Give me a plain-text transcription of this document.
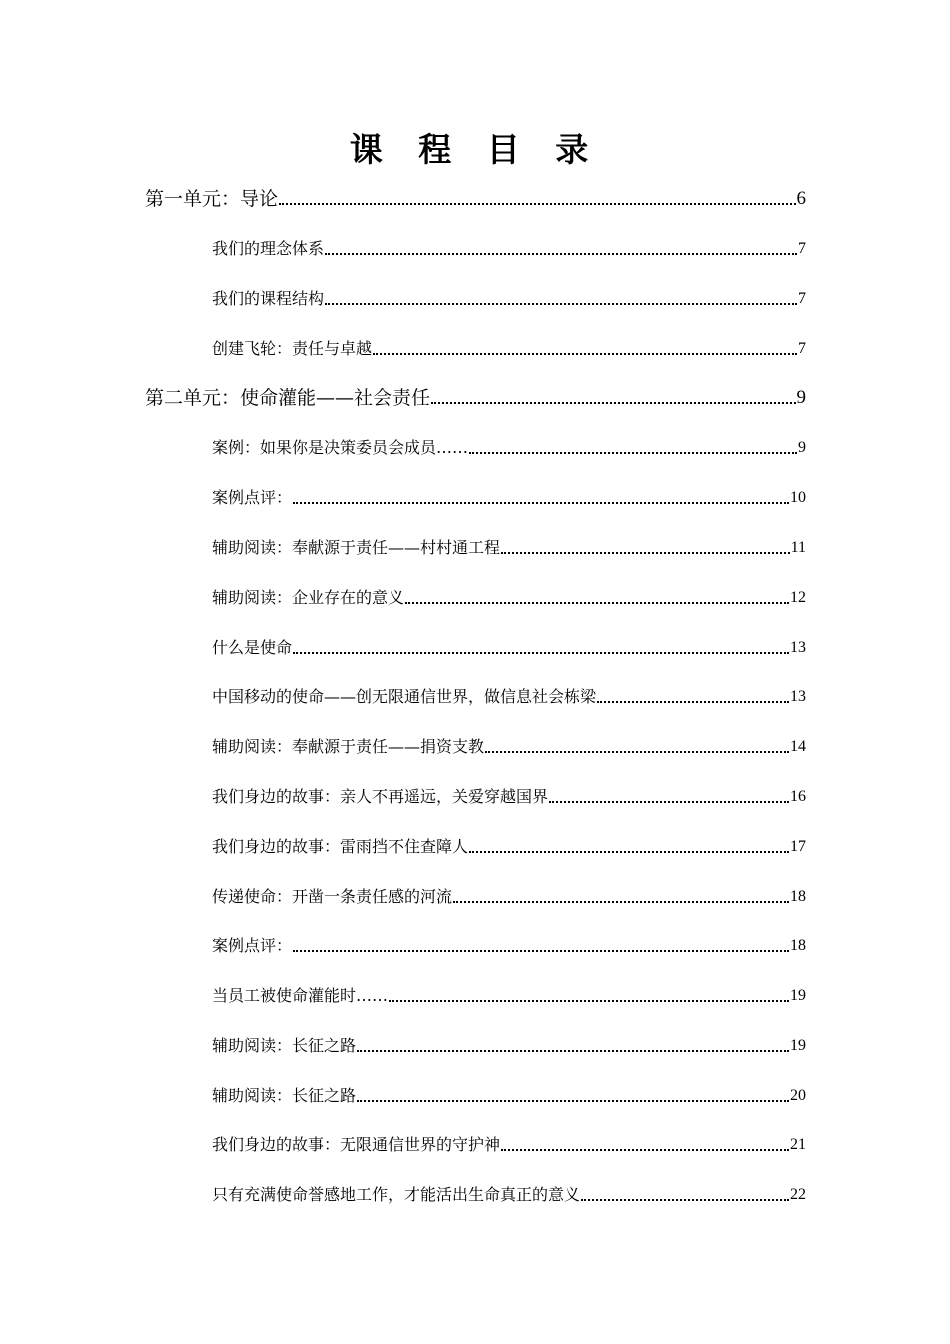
课 程 目 录
第一单元：导论	6
我们的理念体系	7
我们的课程结构	7
创建飞轮：责任与卓越	7
第二单元：使命灌能——社会责任	9
案例：如果你是决策委员会成员……	9
案例点评：	10
辅助阅读：奉献源于责任——村村通工程	11
辅助阅读：企业存在的意义	12
什么是使命	13
中国移动的使命——创无限通信世界，做信息社会栋梁	13
辅助阅读：奉献源于责任——捐资支教	14
我们身边的故事：亲人不再遥远，关爱穿越国界	16
我们身边的故事：雷雨挡不住查障人	17
传递使命：开凿一条责任感的河流	18
案例点评：	18
当员工被使命灌能时……	19
辅助阅读：长征之路	19
辅助阅读：长征之路	20
我们身边的故事：无限通信世界的守护神	21
只有充满使命誉感地工作，才能活出生命真正的意义	22
